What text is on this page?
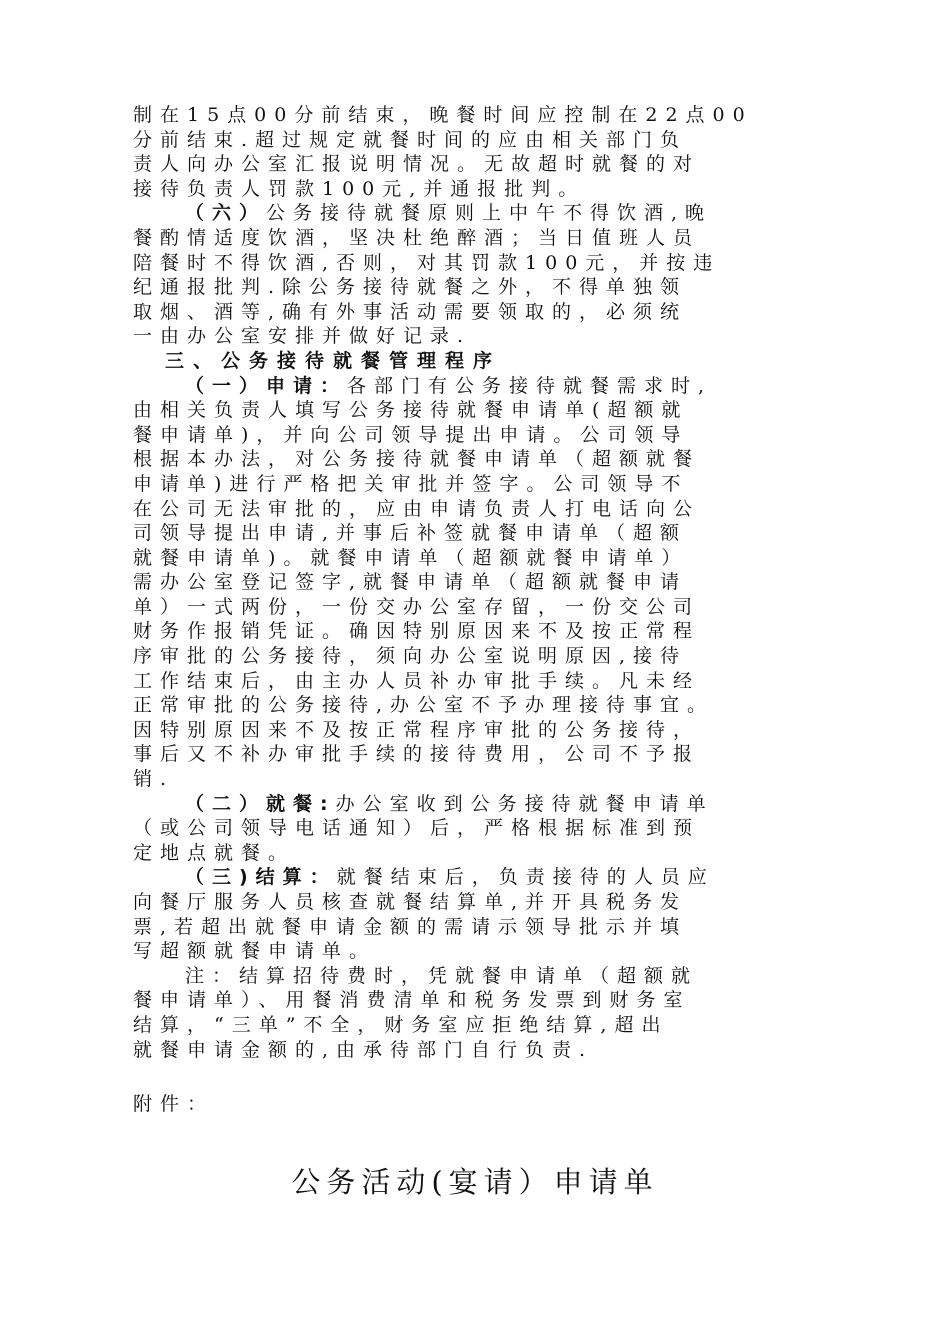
制在15点00分前结束，晚餐时间应控制在22点00
分前结束.超过规定就餐时间的应由相关部门负
责人向办公室汇报说明情况。无故超时就餐的对
接待负责人罚款100元,并通报批判。
（六）公务接待就餐原则上中午不得饮酒,晚
餐酌情适度饮酒，坚决杜绝醉酒；当日值班人员
陪餐时不得饮酒,否则，对其罚款100元，并按违
纪通报批判.除公务接待就餐之外，不得单独领
取烟、酒等,确有外事活动需要领取的，必须统
一由办公室安排并做好记录.
三、公务接待就餐管理程序
（一）申请：各部门有公务接待就餐需求时,
由相关负责人填写公务接待就餐申请单(超额就
餐申请单)，并向公司领导提出申请。公司领导
根据本办法，对公务接待就餐申请单（超额就餐
申请单)进行严格把关审批并签字。公司领导不
在公司无法审批的，应由申请负责人打电话向公
司领导提出申请,并事后补签就餐申请单（超额
就餐申请单)。就餐申请单（超额就餐申请单）
需办公室登记签字,就餐申请单（超额就餐申请
单）一式两份，一份交办公室存留，一份交公司
财务作报销凭证。确因特别原因来不及按正常程
序审批的公务接待，须向办公室说明原因,接待
工作结束后，由主办人员补办审批手续。凡未经
正常审批的公务接待,办公室不予办理接待事宜。
因特别原因来不及按正常程序审批的公务接待，
事后又不补办审批手续的接待费用，公司不予报
销.
（二）就餐:办公室收到公务接待就餐申请单
（或公司领导电话通知）后，严格根据标准到预
定地点就餐。
（三)结算：就餐结束后，负责接待的人员应
向餐厅服务人员核查就餐结算单,并开具税务发
票,若超出就餐申请金额的需请示领导批示并填
写超额就餐申请单。
注：结算招待费时，凭就餐申请单（超额就
餐申请单）、用餐消费清单和税务发票到财务室
结算，“三单”不全，财务室应拒绝结算,超出
就餐申请金额的,由承待部门自行负责.
附件：
公务活动(宴请）申请单
